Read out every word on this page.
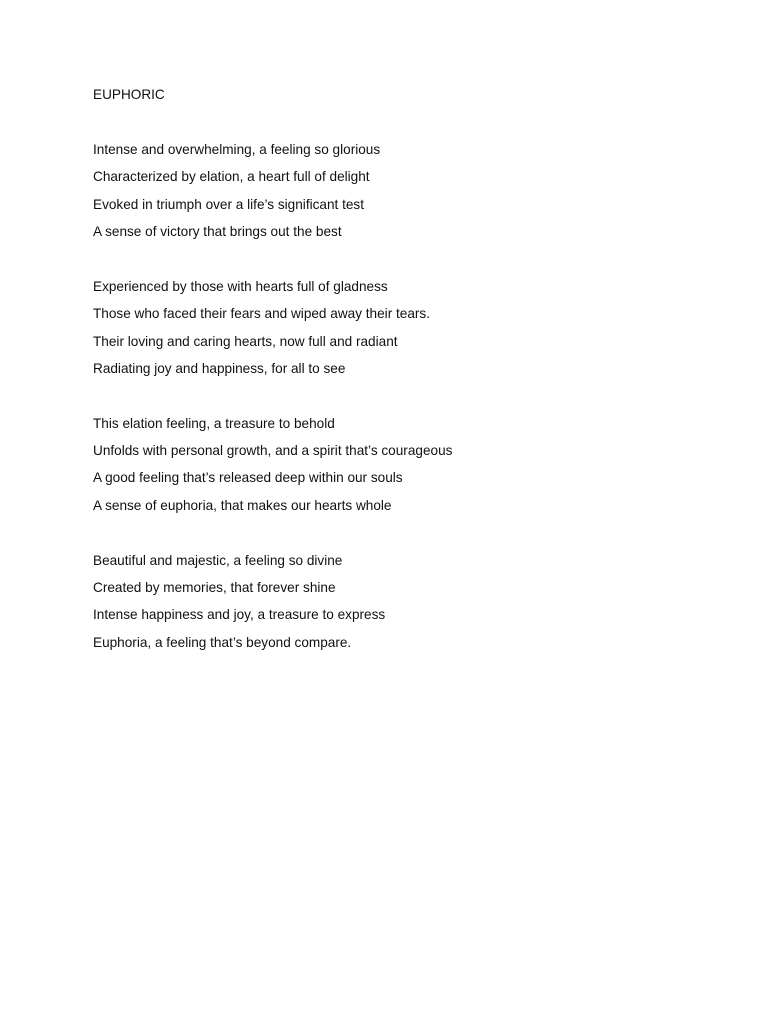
EUPHORIC
Intense and overwhelming, a feeling so glorious
Characterized by elation, a heart full of delight
Evoked in triumph over a life’s significant test
A sense of victory that brings out the best
Experienced by those with hearts full of gladness
Those who faced their fears and wiped away their tears.
Their loving and caring hearts, now full and radiant
Radiating joy and happiness, for all to see
This elation feeling, a treasure to behold
Unfolds with personal growth, and a spirit that’s courageous
A good feeling that’s released deep within our souls
A sense of euphoria, that makes our hearts whole
Beautiful and majestic, a feeling so divine
Created by memories, that forever shine
Intense happiness and joy, a treasure to express
Euphoria, a feeling that’s beyond compare.
